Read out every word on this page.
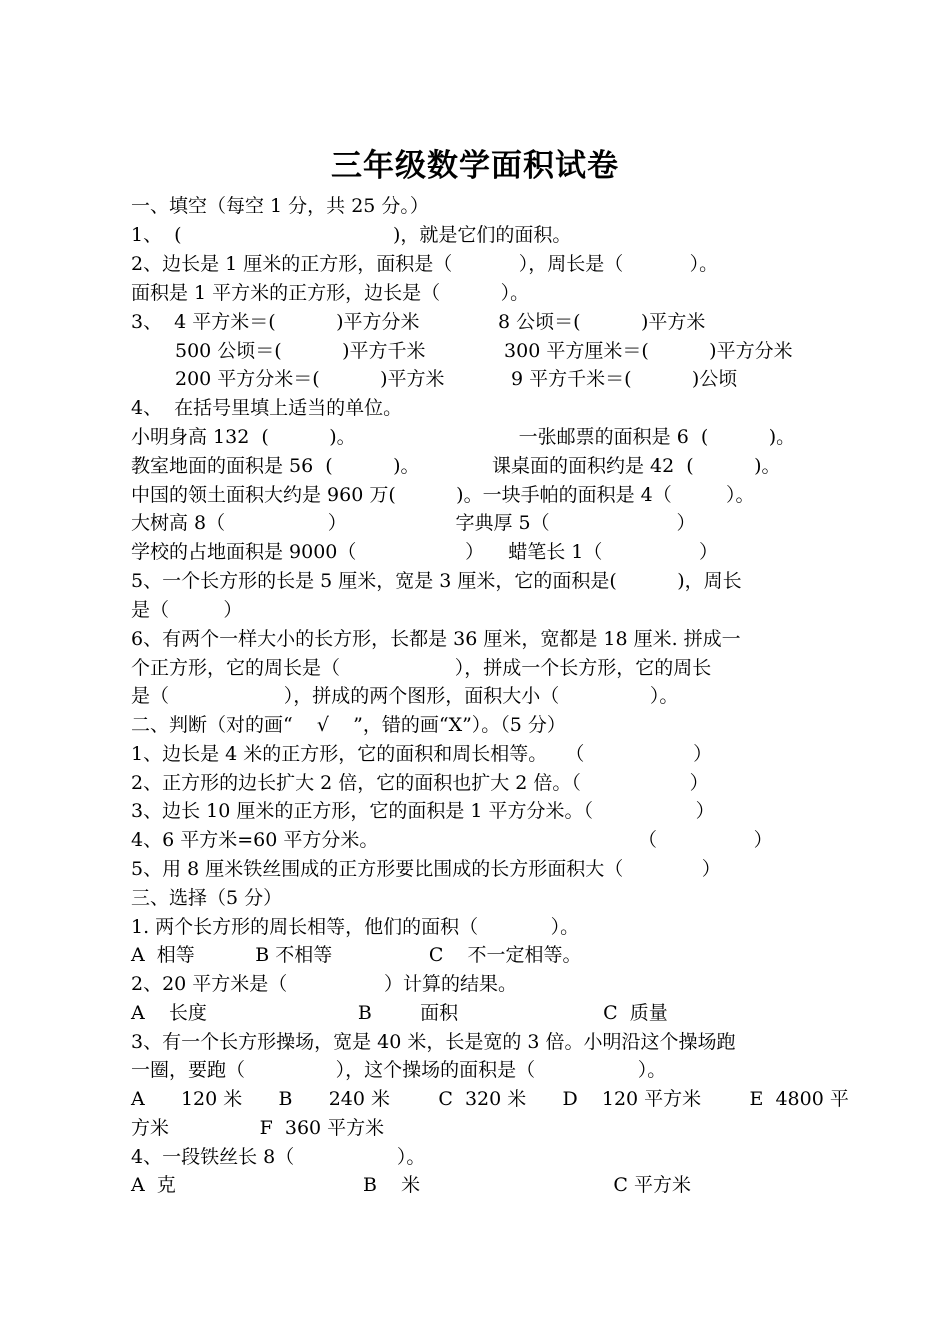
三年级数学面积试卷
一、填空（每空 1 分，共 25 分。）
1、  (                                   )，就是它们的面积。
2、边长是 1 厘米的正方形，面积是（           ），周长是（           ）。
面积是 1 平方米的正方形，边长是（          ）。
3、  4 平方米＝(          )平方分米             8 公顷＝(          )平方米
500 公顷＝(          )平方千米             300 平方厘米＝(          )平方分米
200 平方分米＝(          )平方米           9 平方千米＝(          )公顷
4、  在括号里填上适当的单位。
小明身高 132  (          )。                           一张邮票的面积是 6  (          )。
教室地面的面积是 56  (          )。            课桌面的面积约是 42  (          )。
中国的领土面积大约是 960 万(          )。一块手帕的面积是 4（         ）。
大树高 8（                 ）                  字典厚 5（                     ）
学校的占地面积是 9000（                  ）    蜡笔长 1（                ）
5、一个长方形的长是 5 厘米，宽是 3 厘米，它的面积是(          )，周长
是（         ）
6、有两个一样大小的长方形，长都是 36 厘米，宽都是 18 厘米. 拼成一
个正方形，它的周长是（                   ），拼成一个长方形，它的周长
是（                   ），拼成的两个图形，面积大小（               ）。
二、判断（对的画“    √    ”，错的画“X”）。（5 分）
1、边长是 4 米的正方形，它的面积和周长相等。   （                  ）
2、正方形的边长扩大 2 倍，它的面积也扩大 2 倍。（                  ）
3、边长 10 厘米的正方形，它的面积是 1 平方分米。（                 ）
4、6 平方米=60 平方分米。                                           （                ）
5、用 8 厘米铁丝围成的正方形要比围成的长方形面积大（             ）
三、选择（5 分）
1. 两个长方形的周长相等，他们的面积（            ）。
A  相等          B 不相等                C    不一定相等。
2、20 平方米是（                ）计算的结果。
A    长度                         B        面积                        C  质量
3、有一个长方形操场，宽是 40 米，长是宽的 3 倍。小明沿这个操场跑
一圈，要跑（               ），这个操场的面积是（                 ）。
A      120 米      B      240 米        C  320 米      D    120 平方米        E  4800 平
方米               F  360 平方米
4、一段铁丝长 8（                 ）。
A  克                               B    米                                C 平方米
